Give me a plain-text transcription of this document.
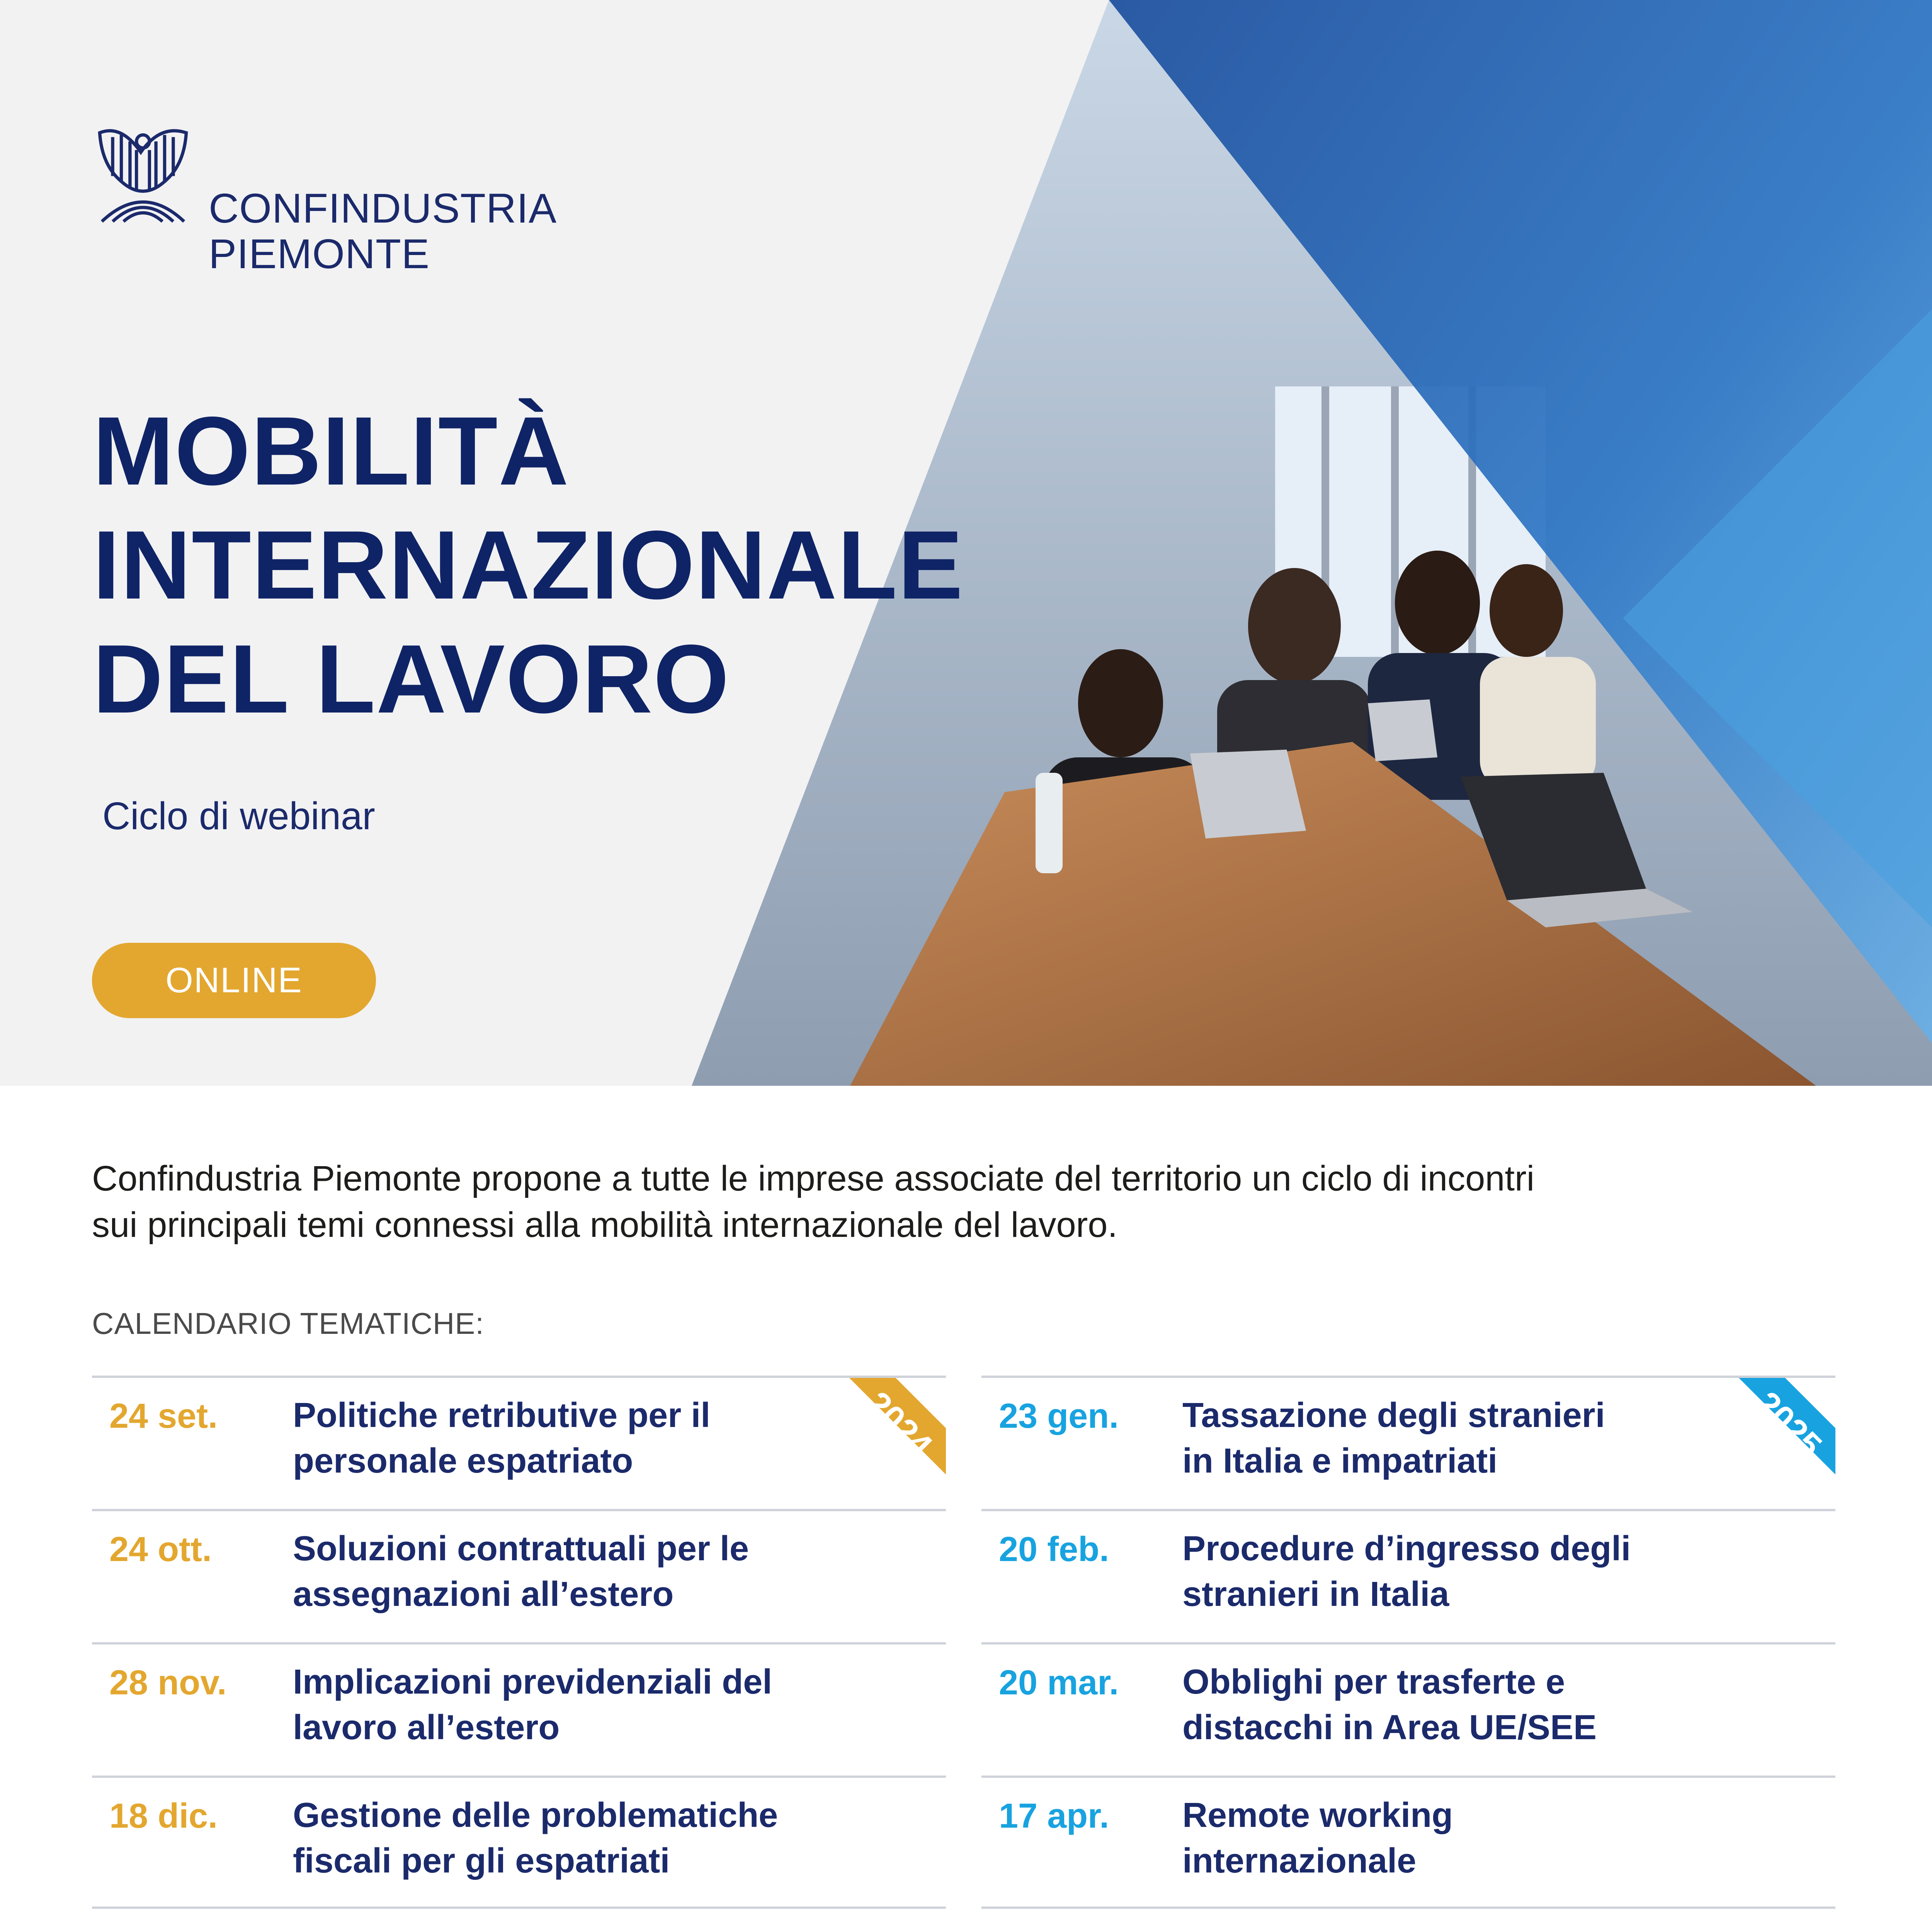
CONFINDUSTRIA
PIEMONTE
MOBILITÀ
INTERNAZIONALE
DEL LAVORO
Ciclo di webinar
ONLINE
Confindustria Piemonte propone a tutte le imprese associate del territorio un ciclo di incontri
sui principali temi connessi alla mobilità internazionale del lavoro.
CALENDARIO TEMATICHE:
24 set. Politiche retributive per il
personale espatriato	2024
24 ott. Soluzioni contrattuali per le
assegnazioni all’estero
28 nov. Implicazioni previdenziali del
lavoro all’estero
18 dic. Gestione delle problematiche
fiscali per gli espatriati
23 gen. Tassazione degli stranieri
in Italia e impatriati	2025
20 feb. Procedure d’ingresso degli
stranieri in Italia
20 mar. Obblighi per trasferte e
distacchi in Area UE/SEE
17 apr. Remote working
internazionale
